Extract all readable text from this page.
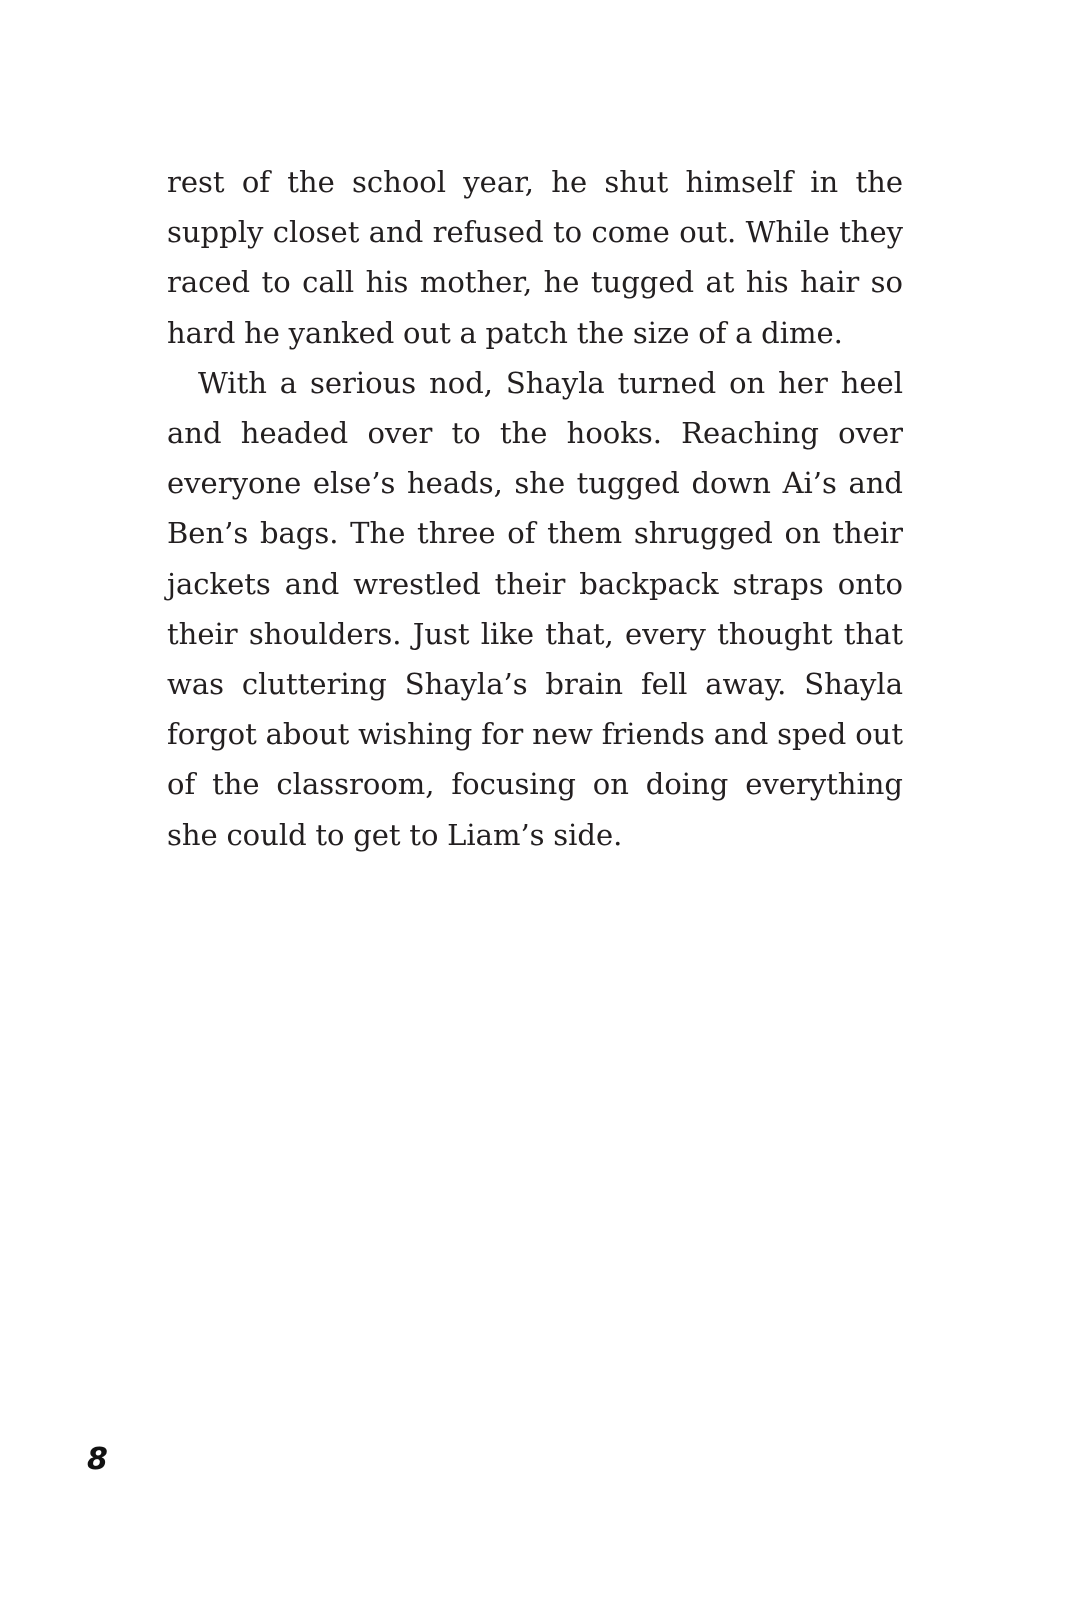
rest of the school year, he shut himself in the supply closet and refused to come out. While they raced to call his mother, he tugged at his hair so hard he yanked out a patch the size of a dime.

With a serious nod, Shayla turned on her heel and headed over to the hooks. Reaching over everyone else’s heads, she tugged down Ai’s and Ben’s bags. The three of them shrugged on their jackets and wrestled their backpack straps onto their shoulders. Just like that, every thought that was cluttering Shayla’s brain fell away. Shayla forgot about wishing for new friends and sped out of the classroom, focusing on doing everything she could to get to Liam’s side.

8
